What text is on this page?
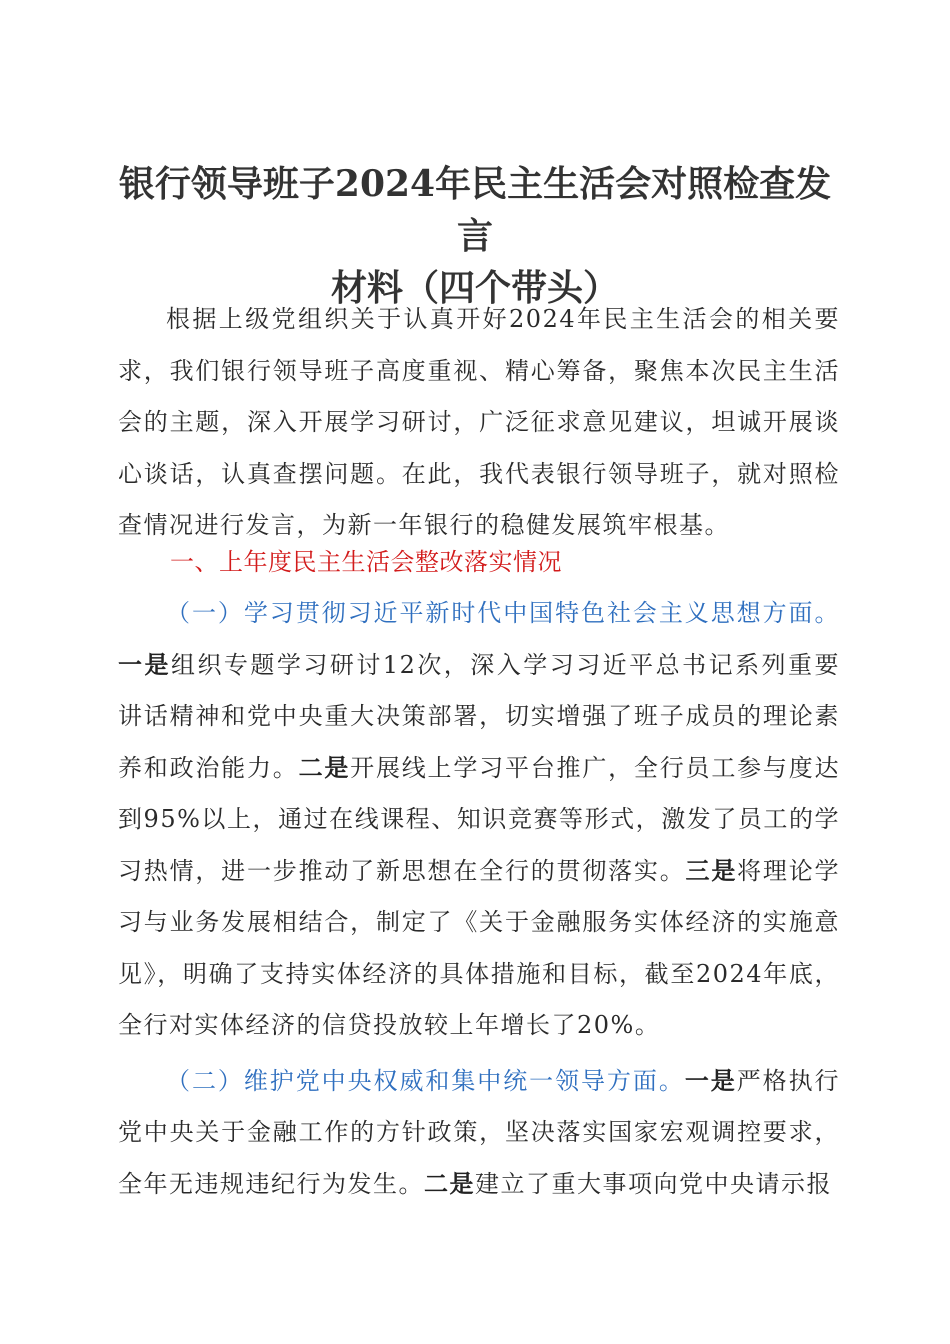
银行领导班子2024年民主生活会对照检查发言
材料（四个带头）

根据上级党组织关于认真开好2024年民主生活会的相关要求，我们银行领导班子高度重视、精心筹备，聚焦本次民主生活会的主题，深入开展学习研讨，广泛征求意见建议，坦诚开展谈心谈话，认真查摆问题。在此，我代表银行领导班子，就对照检查情况进行发言，为新一年银行的稳健发展筑牢根基。

一、上年度民主生活会整改落实情况

（一）学习贯彻习近平新时代中国特色社会主义思想方面。一是组织专题学习研讨12次，深入学习习近平总书记系列重要讲话精神和党中央重大决策部署，切实增强了班子成员的理论素养和政治能力。二是开展线上学习平台推广，全行员工参与度达到95%以上，通过在线课程、知识竞赛等形式，激发了员工的学习热情，进一步推动了新思想在全行的贯彻落实。三是将理论学习与业务发展相结合，制定了《关于金融服务实体经济的实施意见》，明确了支持实体经济的具体措施和目标，截至2024年底，全行对实体经济的信贷投放较上年增长了20%。

（二）维护党中央权威和集中统一领导方面。一是严格执行党中央关于金融工作的方针政策，坚决落实国家宏观调控要求，全年无违规违纪行为发生。二是建立了重大事项向党中央请示报
